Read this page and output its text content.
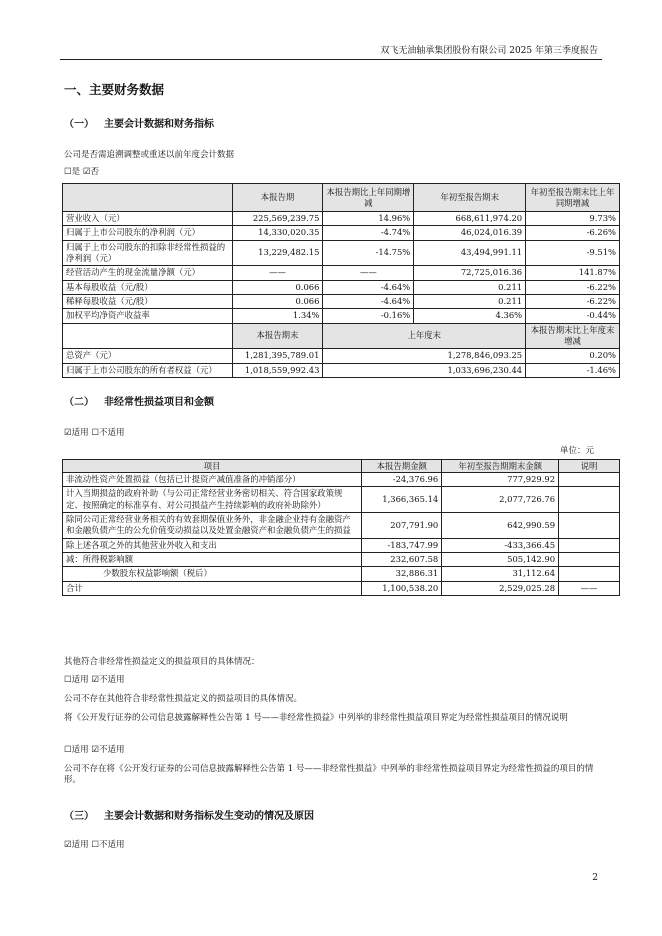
双飞无油轴承集团股份有限公司 2025 年第三季度报告
一、主要财务数据
（一） 主要会计数据和财务指标
公司是否需追溯调整或重述以前年度会计数据
☐是 ☑否
	本报告期	本报告期比上年同期增减	年初至报告期末	年初至报告期末比上年同期增减
营业收入（元）	225,569,239.75	14.96%	668,611,974.20	9.73%
归属于上市公司股东的净利润（元）	14,330,020.35	-4.74%	46,024,016.39	-6.26%
归属于上市公司股东的扣除非经常性损益的净利润（元）	13,229,482.15	-14.75%	43,494,991.11	-9.51%
经营活动产生的现金流量净额（元）	——	——	72,725,016.36	141.87%
基本每股收益（元/股）	0.066	-4.64%	0.211	-6.22%
稀释每股收益（元/股）	0.066	-4.64%	0.211	-6.22%
加权平均净资产收益率	1.34%	-0.16%	4.36%	-0.44%
	本报告期末	上年度末		本报告期末比上年度末增减
总资产（元）	1,281,395,789.01	1,278,846,093.25		0.20%
归属于上市公司股东的所有者权益（元）	1,018,559,992.43	1,033,696,230.44		-1.46%
（二） 非经常性损益项目和金额
☑适用 ☐不适用
单位：元
项目	本报告期金额	年初至报告期期末金额	说明
非流动性资产处置损益（包括已计提资产减值准备的冲销部分）	-24,376.96	777,929.92	
计入当期损益的政府补助（与公司正常经营业务密切相关、符合国家政策规定、按照确定的标准享有、对公司损益产生持续影响的政府补助除外）	1,366,365.14	2,077,726.76	
除同公司正常经营业务相关的有效套期保值业务外，非金融企业持有金融资产和金融负债产生的公允价值变动损益以及处置金融资产和金融负债产生的损益	207,791.90	642,990.59	
除上述各项之外的其他营业外收入和支出	-183,747.99	-433,366.45	
减：所得税影响额	232,607.58	505,142.90	
少数股东权益影响额（税后）	32,886.31	31,112.64	
合计	1,100,538.20	2,529,025.28	——
其他符合非经常性损益定义的损益项目的具体情况：
☐适用 ☑不适用
公司不存在其他符合非经常性损益定义的损益项目的具体情况。
将《公开发行证券的公司信息披露解释性公告第 1 号——非经常性损益》中列举的非经常性损益项目界定为经常性损益项目的情况说明
☐适用 ☑不适用
公司不存在将《公开发行证券的公司信息披露解释性公告第 1 号——非经常性损益》中列举的非经常性损益项目界定为经常性损益的项目的情形。
（三） 主要会计数据和财务指标发生变动的情况及原因
☑适用 ☐不适用
2
